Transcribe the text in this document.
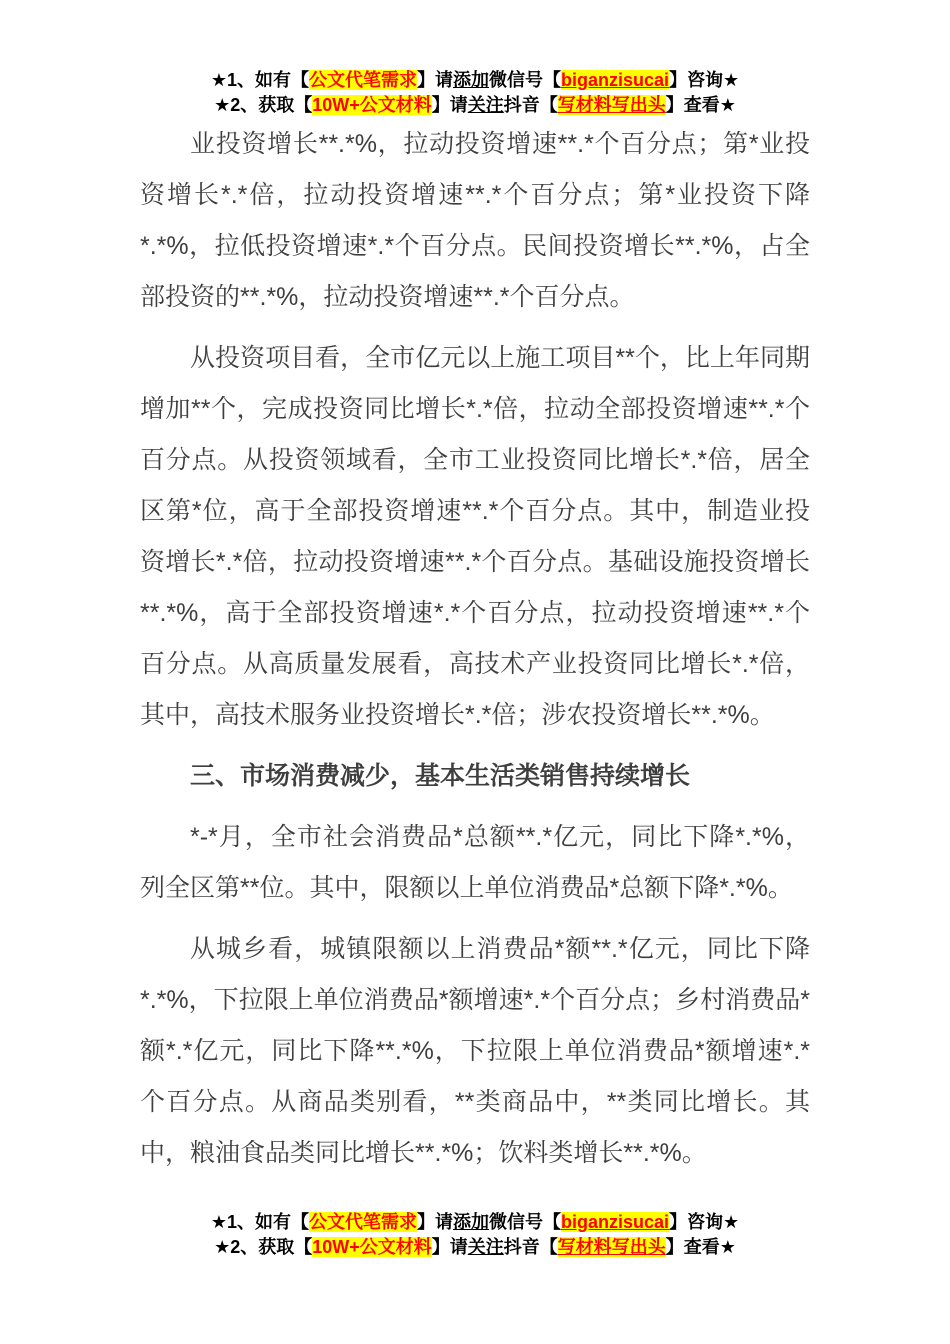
★1、如有【公文代笔需求】请添加微信号【biganzisucai】咨询★
★2、获取【10W+公文材料】请关注抖音【写材料写出头】查看★

业投资增长**.*%，拉动投资增速**.*个百分点；第*业投资增长*.*倍，拉动投资增速**.*个百分点；第*业投资下降*.*%，拉低投资增速*.*个百分点。民间投资增长**.*%，占全部投资的**.*%，拉动投资增速**.*个百分点。

从投资项目看，全市亿元以上施工项目**个，比上年同期增加**个，完成投资同比增长*.*倍，拉动全部投资增速**.*个百分点。从投资领域看，全市工业投资同比增长*.*倍，居全区第*位，高于全部投资增速**.*个百分点。其中，制造业投资增长*.*倍，拉动投资增速**.*个百分点。基础设施投资增长**.*%，高于全部投资增速*.*个百分点，拉动投资增速**.*个百分点。从高质量发展看，高技术产业投资同比增长*.*倍，其中，高技术服务业投资增长*.*倍；涉农投资增长**.*%。

三、市场消费减少，基本生活类销售持续增长

*-*月，全市社会消费品*总额**.*亿元，同比下降*.*%，列全区第**位。其中，限额以上单位消费品*总额下降*.*%。

从城乡看，城镇限额以上消费品*额**.*亿元，同比下降*.*%，下拉限上单位消费品*额增速*.*个百分点；乡村消费品*额*.*亿元，同比下降**.*%，下拉限上单位消费品*额增速*.*个百分点。从商品类别看，**类商品中，**类同比增长。其中，粮油食品类同比增长**.*%；饮料类增长**.*%。

★1、如有【公文代笔需求】请添加微信号【biganzisucai】咨询★
★2、获取【10W+公文材料】请关注抖音【写材料写出头】查看★
